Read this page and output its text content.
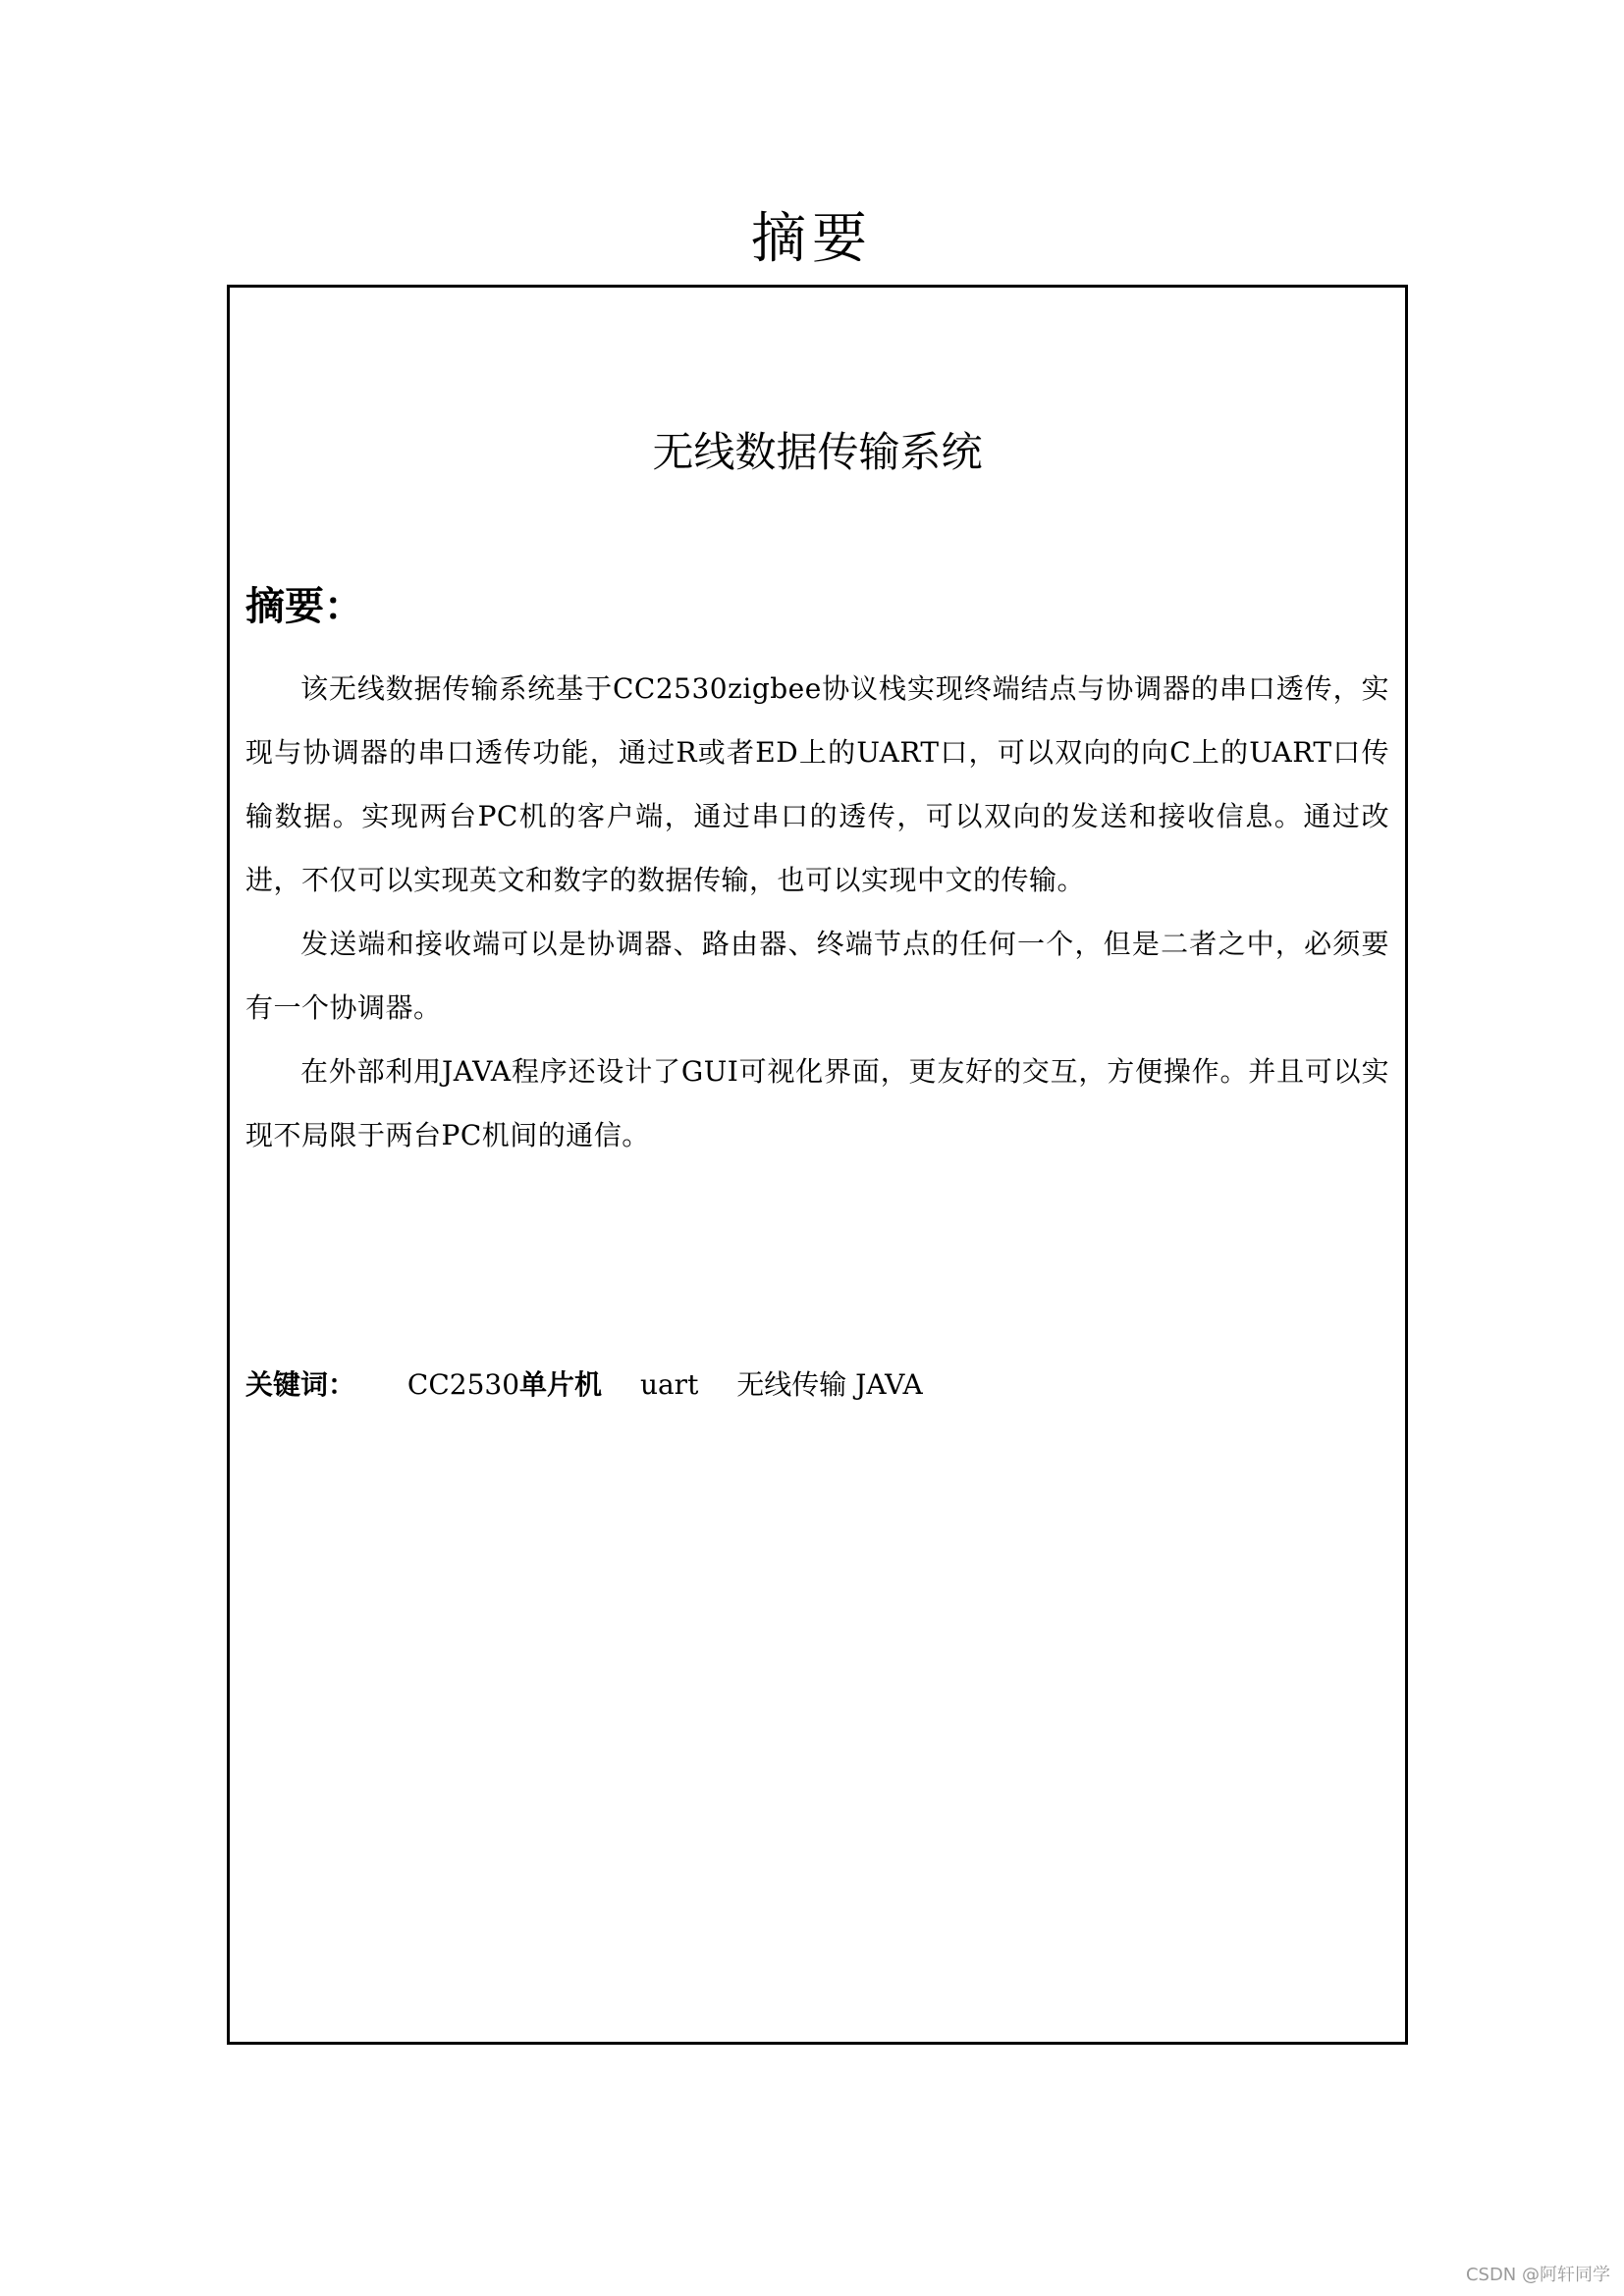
摘要
无线数据传输系统
摘要：

该无线数据传输系统基于CC2530zigbee协议栈实现终端结点与协调器的串口透传，实现与协调器的串口透传功能，通过R或者ED上的UART口，可以双向的向C上的UART口传输数据。实现两台PC机的客户端，通过串口的透传，可以双向的发送和接收信息。通过改进，不仅可以实现英文和数字的数据传输，也可以实现中文的传输。

发送端和接收端可以是协调器、路由器、终端节点的任何一个，但是二者之中，必须要有一个协调器。

在外部利用JAVA程序还设计了GUI可视化界面，更友好的交互，方便操作。并且可以实现不局限于两台PC机间的通信。

关键词： CC2530单片机 uart 无线传输 JAVA
CSDN @阿轩同学
